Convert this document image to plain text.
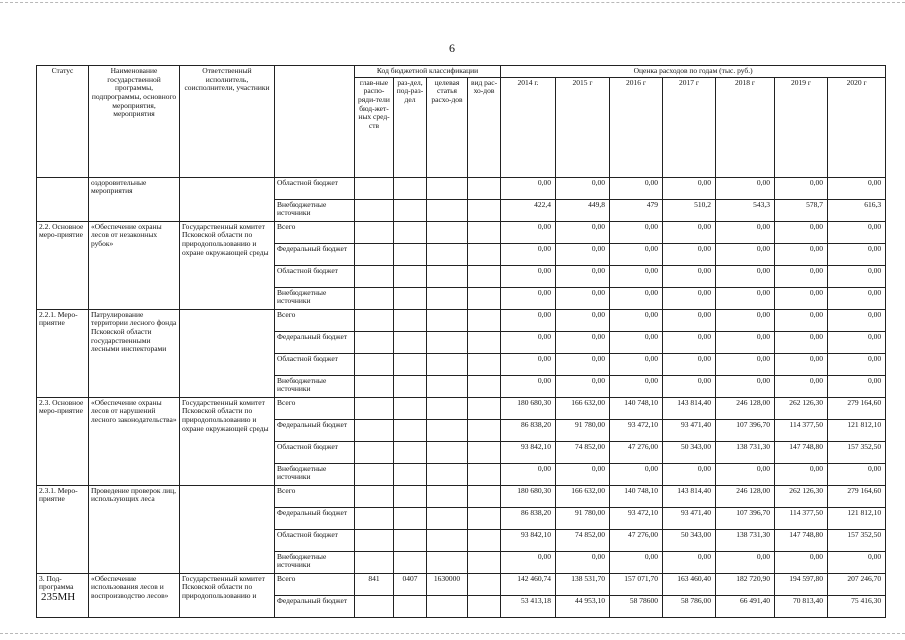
6
Статус	Наименование государственной программы, подпрограммы, основного мероприятия, мероприятия	Ответственный исполнитель, соисполнители, участники		Код бюджетной классификации				Оценка расходов по годам (тыс. руб.)						
				глав-ные распо-ряди-тели бюд-жет-ных сред-ств	раз-дел, под-раз-дел	целевая статья расхо-дов	вид рас-хо-дов	2014 г.	2015 г	2016 г	2017 г	2018 г	2019 г	2020 г
	оздоровительные мероприятия		Областной бюджет					0,00	0,00	0,00	0,00	0,00	0,00	0,00
			Внебюджетные источники					422,4	449,8	479	510,2	543,3	578,7	616,3
2.2. Основное меро-приятие	«Обеспечение охраны лесов от незаконных рубок»	Государственный комитет Псковской области по природопользованию и охране окружающей среды	Всего					0,00	0,00	0,00	0,00	0,00	0,00	0,00
			Федеральный бюджет					0,00	0,00	0,00	0,00	0,00	0,00	0,00
			Областной бюджет					0,00	0,00	0,00	0,00	0,00	0,00	0,00
			Внебюджетные источники					0,00	0,00	0,00	0,00	0,00	0,00	0,00
2.2.1. Меро-приятие	Патрулирование территории лесного фонда Псковской области государственными лесными инспекторами		Всего					0,00	0,00	0,00	0,00	0,00	0,00	0,00
			Федеральный бюджет					0,00	0,00	0,00	0,00	0,00	0,00	0,00
			Областной бюджет					0,00	0,00	0,00	0,00	0,00	0,00	0,00
			Внебюджетные источники					0,00	0,00	0,00	0,00	0,00	0,00	0,00
2.3. Основное меро-приятие	«Обеспечение охраны лесов от нарушений лесного законодательства»	Государственный комитет Псковской области по природопользованию и охране окружающей среды	Всего					180 680,30	166 632,00	140 748,10	143 814,40	246 128,00	262 126,30	279 164,60
			Федеральный бюджет					86 838,20	91 780,00	93 472,10	93 471,40	107 396,70	114 377,50	121 812,10
			Областной бюджет					93 842,10	74 852,00	47 276,00	50 343,00	138 731,30	147 748,80	157 352,50
			Внебюджетные источники					0,00	0,00	0,00	0,00	0,00	0,00	0,00
2.3.1. Меро-приятие	Проведение проверок лиц, использующих леса		Всего					180 680,30	166 632,00	140 748,10	143 814,40	246 128,00	262 126,30	279 164,60
			Федеральный бюджет					86 838,20	91 780,00	93 472,10	93 471,40	107 396,70	114 377,50	121 812,10
			Областной бюджет					93 842,10	74 852,00	47 276,00	50 343,00	138 731,30	147 748,80	157 352,50
			Внебюджетные источники					0,00	0,00	0,00	0,00	0,00	0,00	0,00
3. Под-программа	«Обеспечение использования лесов и воспроизводство лесов»	Государственный комитет Псковской области по природопользованию и	Всего	841	0407	1630000		142 460,74	138 531,70	157 071,70	163 460,40	182 720,90	194 597,80	207 246,70
			Федеральный бюджет					53 413,18	44 953,10	58 78600	58 786,00	66 491,40	70 813,40	75 416,30
235МН
